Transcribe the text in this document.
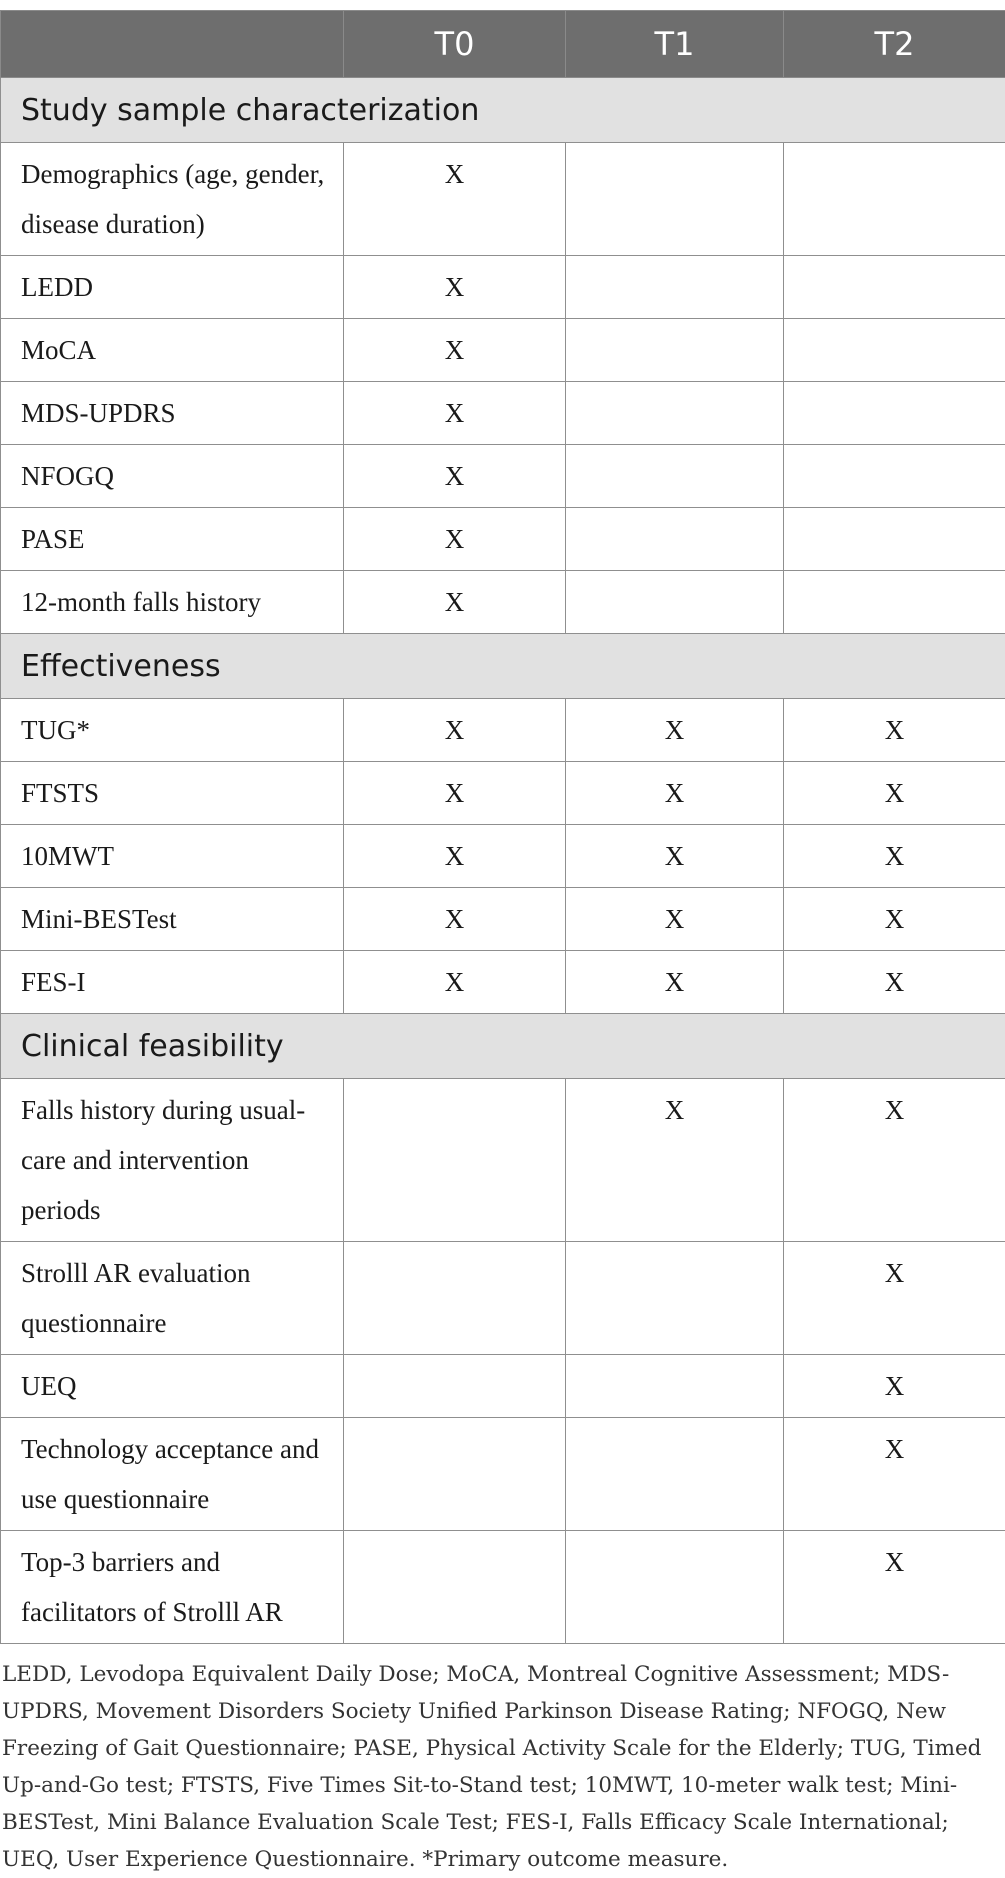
	T0	T1	T2
Study sample characterization			
Demographics (age, gender, disease duration)	X		
LEDD	X		
MoCA	X		
MDS-UPDRS	X		
NFOGQ	X		
PASE	X		
12-month falls history	X		
Effectiveness			
TUG*	X	X	X
FTSTS	X	X	X
10MWT	X	X	X
Mini-BESTest	X	X	X
FES-I	X	X	X
Clinical feasibility			
Falls history during usual-care and intervention periods		X	X
Strolll AR evaluation questionnaire			X
UEQ			X
Technology acceptance and use questionnaire			X
Top-3 barriers and facilitators of Strolll AR			X

LEDD, Levodopa Equivalent Daily Dose; MoCA, Montreal Cognitive Assessment; MDS-UPDRS, Movement Disorders Society Unified Parkinson Disease Rating; NFOGQ, New Freezing of Gait Questionnaire; PASE, Physical Activity Scale for the Elderly; TUG, Timed Up-and-Go test; FTSTS, Five Times Sit-to-Stand test; 10MWT, 10-meter walk test; Mini-BESTest, Mini Balance Evaluation Scale Test; FES-I, Falls Efficacy Scale International; UEQ, User Experience Questionnaire. *Primary outcome measure.
